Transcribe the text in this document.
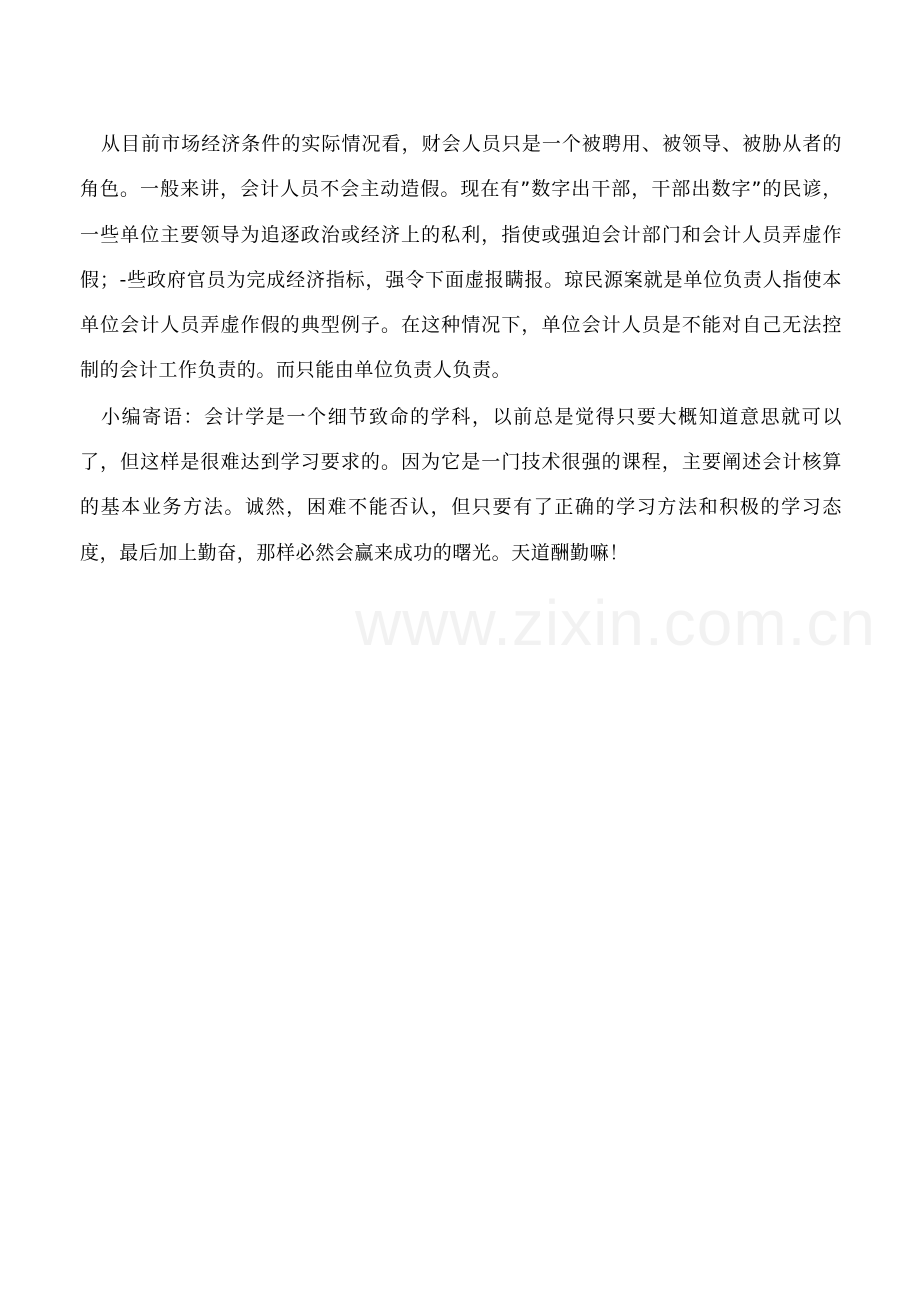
从目前市场经济条件的实际情况看，财会人员只是一个被聘用、被领导、被胁从者的角色。一般来讲，会计人员不会主动造假。现在有”数字出干部，干部出数字”的民谚，一些单位主要领导为追逐政治或经济上的私利，指使或强迫会计部门和会计人员弄虚作假；-些政府官员为完成经济指标，强令下面虚报瞒报。琼民源案就是单位负责人指使本单位会计人员弄虚作假的典型例子。在这种情况下，单位会计人员是不能对自己无法控制的会计工作负责的。而只能由单位负责人负责。

小编寄语：会计学是一个细节致命的学科，以前总是觉得只要大概知道意思就可以了，但这样是很难达到学习要求的。因为它是一门技术很强的课程，主要阐述会计核算的基本业务方法。诚然，困难不能否认，但只要有了正确的学习方法和积极的学习态度，最后加上勤奋，那样必然会赢来成功的曙光。天道酬勤嘛！

www.zixin.com.cn
